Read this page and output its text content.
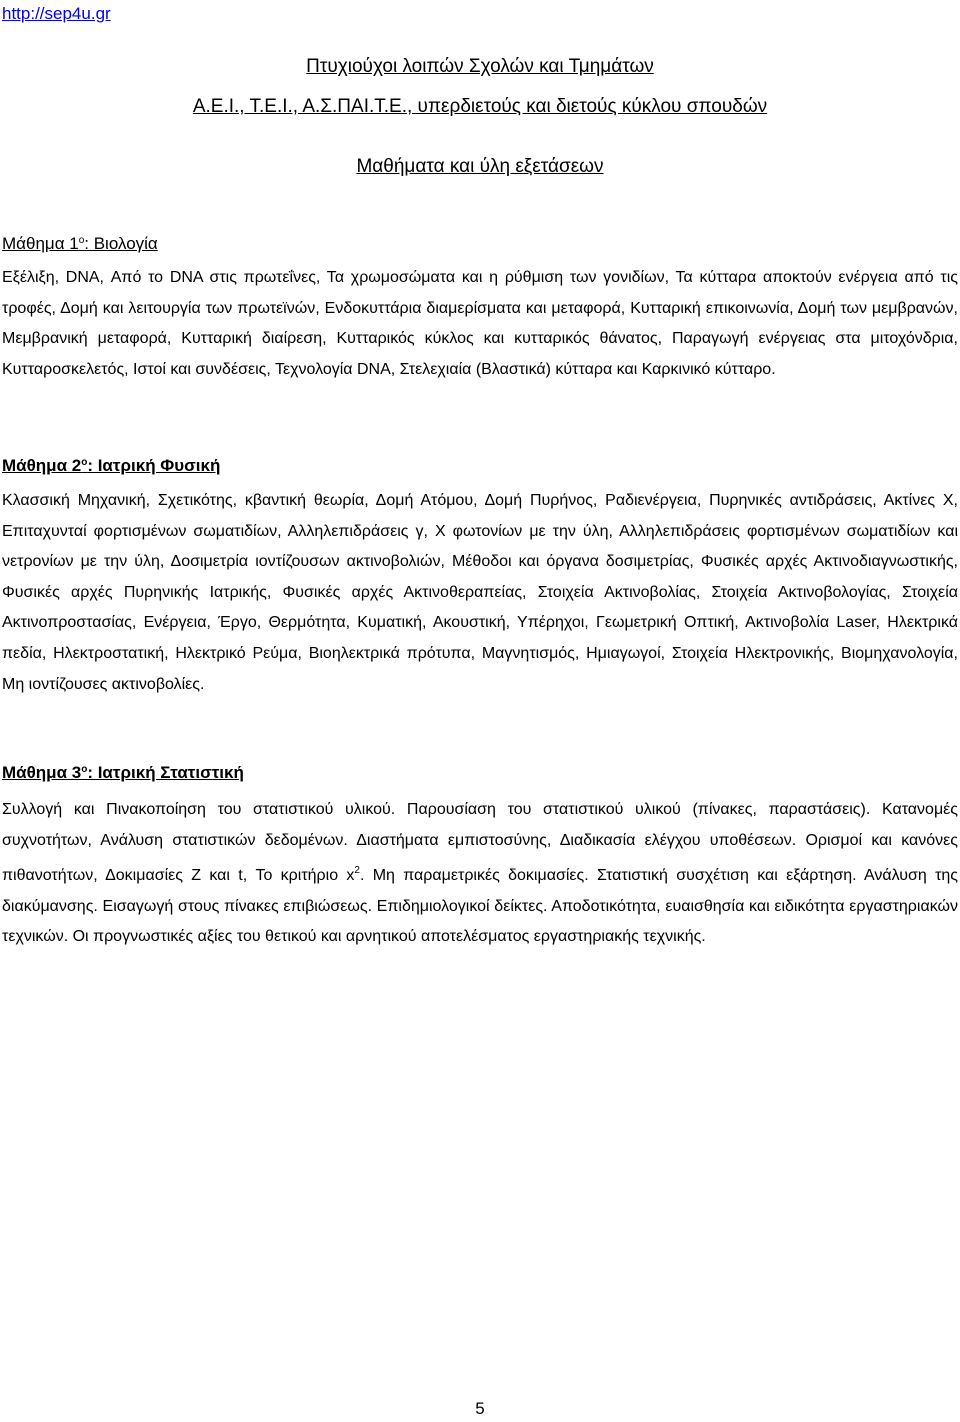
http://sep4u.gr
Πτυχιούχοι λοιπών Σχολών και Τμημάτων
Α.Ε.Ι., Τ.Ε.Ι., Α.Σ.ΠΑΙ.Τ.Ε., υπερδιετούς και διετούς κύκλου σπουδών
Μαθήματα και ύλη εξετάσεων
Μάθημα $1^o$: Βιολογία
Εξέλιξη, DNA, Από το DNA στις πρωτεΐνες, Τα χρωμοσώματα και η ρύθμιση των γονιδίων, Τα κύτταρα αποκτούν ενέργεια από τις τροφές, Δομή και λειτουργία των πρωτεϊνών, Ενδοκυττάρια διαμερίσματα και μεταφορά, Κυτταρική επικοινωνία, Δομή των μεμβρανών, Μεμβρανική μεταφορά, Κυτταρική διαίρεση, Κυτταρικός κύκλος και κυτταρικός θάνατος, Παραγωγή ενέργειας στα μιτοχόνδρια, Κυτταροσκελετός, Ιστοί και συνδέσεις, Τεχνολογία DNA, Στελεχιαία (Βλαστικά) κύτταρα και Καρκινικό κύτταρο.
Μάθημα $2^o$: Ιατρική Φυσική
Κλασσική Μηχανική, Σχετικότης, κβαντική θεωρία, Δομή Ατόμου, Δομή Πυρήνος, Ραδιενέργεια, Πυρηνικές αντιδράσεις, Ακτίνες Χ, Επιταχυνταί φορτισμένων σωματιδίων, Αλληλεπιδράσεις γ, Χ φωτονίων με την ύλη, Αλληλεπιδράσεις φορτισμένων σωματιδίων και νετρονίων με την ύλη, Δοσιμετρία ιοντίζουσων ακτινοβολιών, Μέθοδοι και όργανα δοσιμετρίας, Φυσικές αρχές Ακτινοδιαγνωστικής, Φυσικές αρχές Πυρηνικής Ιατρικής, Φυσικές αρχές Ακτινοθεραπείας, Στοιχεία Ακτινοβολίας, Στοιχεία Ακτινοβολογίας, Στοιχεία Ακτινοπροστασίας, Ενέργεια, Έργο, Θερμότητα, Κυματική, Ακουστική, Υπέρηχοι, Γεωμετρική Οπτική, Ακτινοβολία Laser, Ηλεκτρικά πεδία, Ηλεκτροστατική, Ηλεκτρικό Ρεύμα, Βιοηλεκτρικά πρότυπα, Μαγνητισμός, Ημιαγωγοί, Στοιχεία Ηλεκτρονικής, Βιομηχανολογία, Μη ιοντίζουσες ακτινοβολίες.
Μάθημα $3^o$: Ιατρική Στατιστική
Συλλογή και Πινακοποίηση του στατιστικού υλικού. Παρουσίαση του στατιστικού υλικού (πίνακες, παραστάσεις). Κατανομές συχνοτήτων, Ανάλυση στατιστικών δεδομένων. Διαστήματα εμπιστοσύνης, Διαδικασία ελέγχου υποθέσεων. Ορισμοί και κανόνες πιθανοτήτων, Δοκιμασίες Z και t, Το κριτήριο $x^2$. Μη παραμετρικές δοκιμασίες. Στατιστική συσχέτιση και εξάρτηση. Ανάλυση της διακύμανσης. Εισαγωγή στους πίνακες επιβιώσεως. Επιδημιολογικοί δείκτες. Αποδοτικότητα, ευαισθησία και ειδικότητα εργαστηριακών τεχνικών. Οι προγνωστικές αξίες του θετικού και αρνητικού αποτελέσματος εργαστηριακής τεχνικής.
5
